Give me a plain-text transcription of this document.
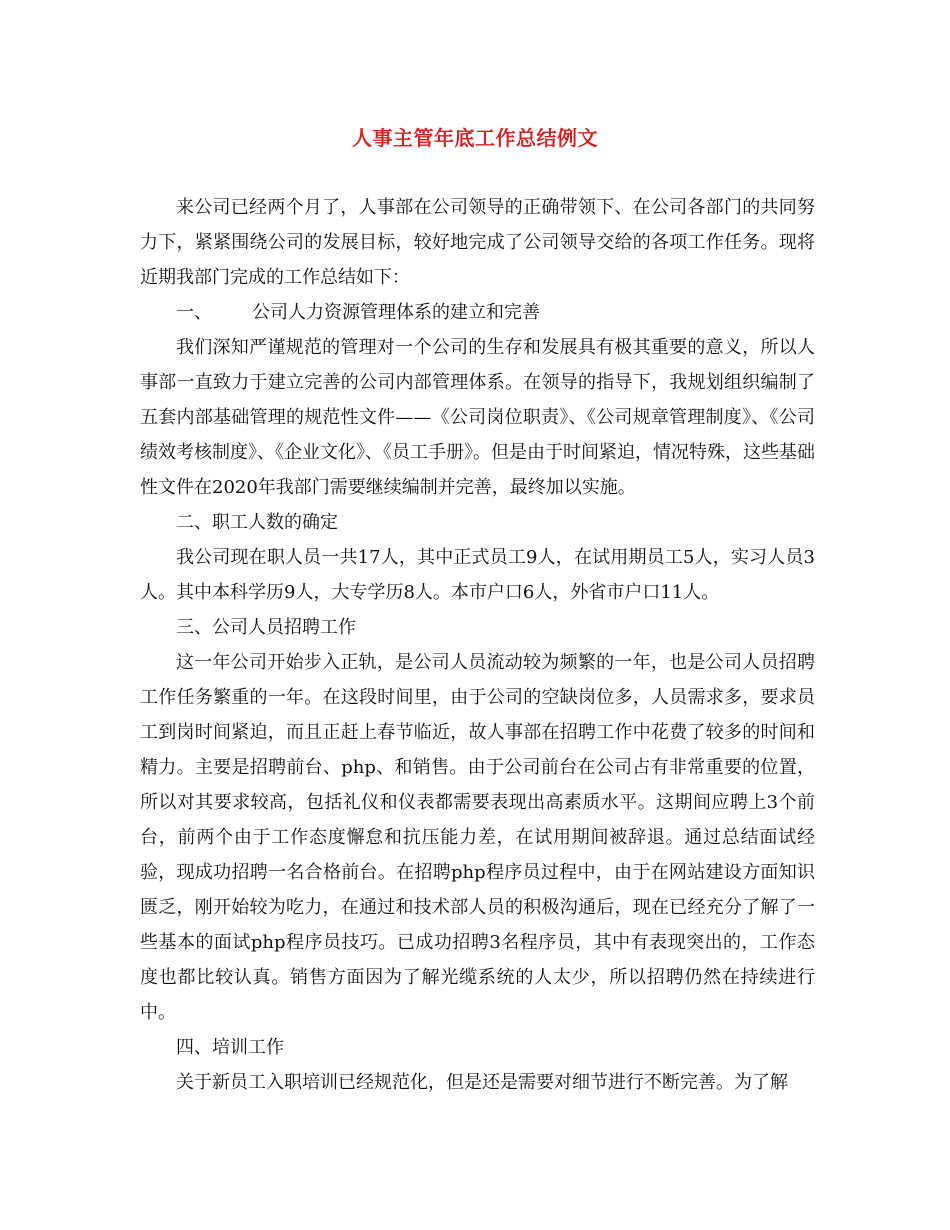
人事主管年底工作总结例文

来公司已经两个月了，人事部在公司领导的正确带领下、在公司各部门的共同努力下，紧紧围绕公司的发展目标，较好地完成了公司领导交给的各项工作任务。现将近期我部门完成的工作总结如下：

一、 公司人力资源管理体系的建立和完善

我们深知严谨规范的管理对一个公司的生存和发展具有极其重要的意义，所以人事部一直致力于建立完善的公司内部管理体系。在领导的指导下，我规划组织编制了五套内部基础管理的规范性文件——《公司岗位职责》、《公司规章管理制度》、《公司绩效考核制度》、《企业文化》、《员工手册》。但是由于时间紧迫，情况特殊，这些基础性文件在2020年我部门需要继续编制并完善，最终加以实施。

二、职工人数的确定

我公司现在职人员一共17人，其中正式员工9人，在试用期员工5人，实习人员3人。其中本科学历9人，大专学历8人。本市户口6人，外省市户口11人。

三、公司人员招聘工作

这一年公司开始步入正轨，是公司人员流动较为频繁的一年，也是公司人员招聘工作任务繁重的一年。在这段时间里，由于公司的空缺岗位多，人员需求多，要求员工到岗时间紧迫，而且正赶上春节临近，故人事部在招聘工作中花费了较多的时间和精力。主要是招聘前台、php、和销售。由于公司前台在公司占有非常重要的位置，所以对其要求较高，包括礼仪和仪表都需要表现出高素质水平。这期间应聘上3个前台，前两个由于工作态度懈怠和抗压能力差，在试用期间被辞退。通过总结面试经验，现成功招聘一名合格前台。在招聘php程序员过程中，由于在网站建设方面知识匮乏，刚开始较为吃力，在通过和技术部人员的积极沟通后，现在已经充分了解了一些基本的面试php程序员技巧。已成功招聘3名程序员，其中有表现突出的，工作态度也都比较认真。销售方面因为了解光缆系统的人太少，所以招聘仍然在持续进行中。

四、培训工作

关于新员工入职培训已经规范化，但是还是需要对细节进行不断完善。为了解
